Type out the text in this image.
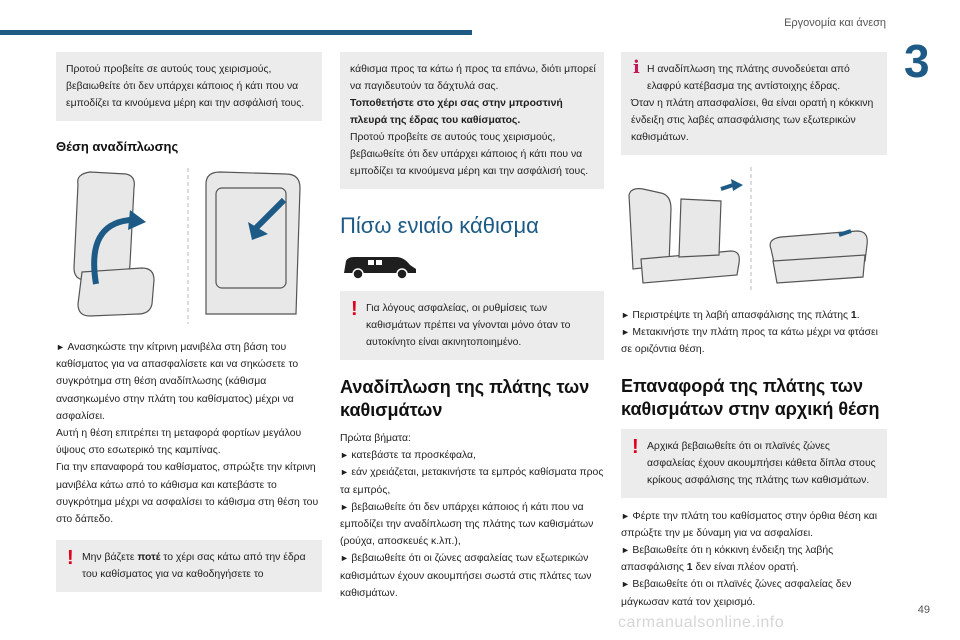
Εργονομία και άνεση
3
Προτού προβείτε σε αυτούς τους χειρισμούς, βεβαιωθείτε ότι δεν υπάρχει κάποιος ή κάτι που να εμποδίζει τα κινούμενα μέρη και την ασφάλισή τους.
Θέση αναδίπλωσης

► Ανασηκώστε την κίτρινη μανιβέλα στη βάση του καθίσματος για να απασφαλίσετε και να σηκώσετε το συγκρότημα στη θέση αναδίπλωσης (κάθισμα ανασηκωμένο στην πλάτη του καθίσματος) μέχρι να ασφαλίσει.

Αυτή η θέση επιτρέπει τη μεταφορά φορτίων μεγάλου ύψους στο εσωτερικό της καμπίνας.

Για την επαναφορά του καθίσματος, σπρώξτε την κίτρινη μανιβέλα κάτω από το κάθισμα και κατεβάστε το συγκρότημα μέχρι να ασφαλίσει το κάθισμα στη θέση του στο δάπεδο.

! Μην βάζετε ποτέ το χέρι σας κάτω από την έδρα του καθίσματος για να καθοδηγήσετε το
κάθισμα προς τα κάτω ή προς τα επάνω, διότι μπορεί να παγιδευτούν τα δάχτυλά σας.
Τοποθετήστε στο χέρι σας στην μπροστινή πλευρά της έδρας του καθίσματος.
Προτού προβείτε σε αυτούς τους χειρισμούς, βεβαιωθείτε ότι δεν υπάρχει κάποιος ή κάτι που να εμποδίζει τα κινούμενα μέρη και την ασφάλισή τους.
Πίσω ενιαίο κάθισμα
! Για λόγους ασφαλείας, οι ρυθμίσεις των καθισμάτων πρέπει να γίνονται μόνο όταν το αυτοκίνητο είναι ακινητοποιημένο.
Αναδίπλωση της πλάτης των καθισμάτων

Πρώτα βήματα:

► κατεβάστε τα προσκέφαλα,

► εάν χρειάζεται, μετακινήστε τα εμπρός καθίσματα προς τα εμπρός,

► βεβαιωθείτε ότι δεν υπάρχει κάποιος ή κάτι που να εμποδίζει την αναδίπλωση της πλάτης των καθισμάτων (ρούχα, αποσκευές κ.λπ.),

► βεβαιωθείτε ότι οι ζώνες ασφαλείας των εξωτερικών καθισμάτων έχουν ακουμπήσει σωστά στις πλάτες των καθισμάτων.

i Η αναδίπλωση της πλάτης συνοδεύεται από ελαφρύ κατέβασμα της αντίστοιχης έδρας.
Όταν η πλάτη απασφαλίσει, θα είναι ορατή η κόκκινη ένδειξη στις λαβές απασφάλισης των εξωτερικών καθισμάτων.

► Περιστρέψτε τη λαβή απασφάλισης της πλάτης 1.

► Μετακινήστε την πλάτη προς τα κάτω μέχρι να φτάσει σε οριζόντια θέση.

Επαναφορά της πλάτης των καθισμάτων στην αρχική θέση
! Αρχικά βεβαιωθείτε ότι οι πλαϊνές ζώνες ασφαλείας έχουν ακουμπήσει κάθετα δίπλα στους κρίκους ασφάλισης της πλάτης των καθισμάτων.

► Φέρτε την πλάτη του καθίσματος στην όρθια θέση και σπρώξτε την με δύναμη για να ασφαλίσει.

► Βεβαιωθείτε ότι η κόκκινη ένδειξη της λαβής απασφάλισης 1 δεν είναι πλέον ορατή.

► Βεβαιωθείτε ότι οι πλαϊνές ζώνες ασφαλείας δεν μάγκωσαν κατά τον χειρισμό.

carmanualsonline.info
49
